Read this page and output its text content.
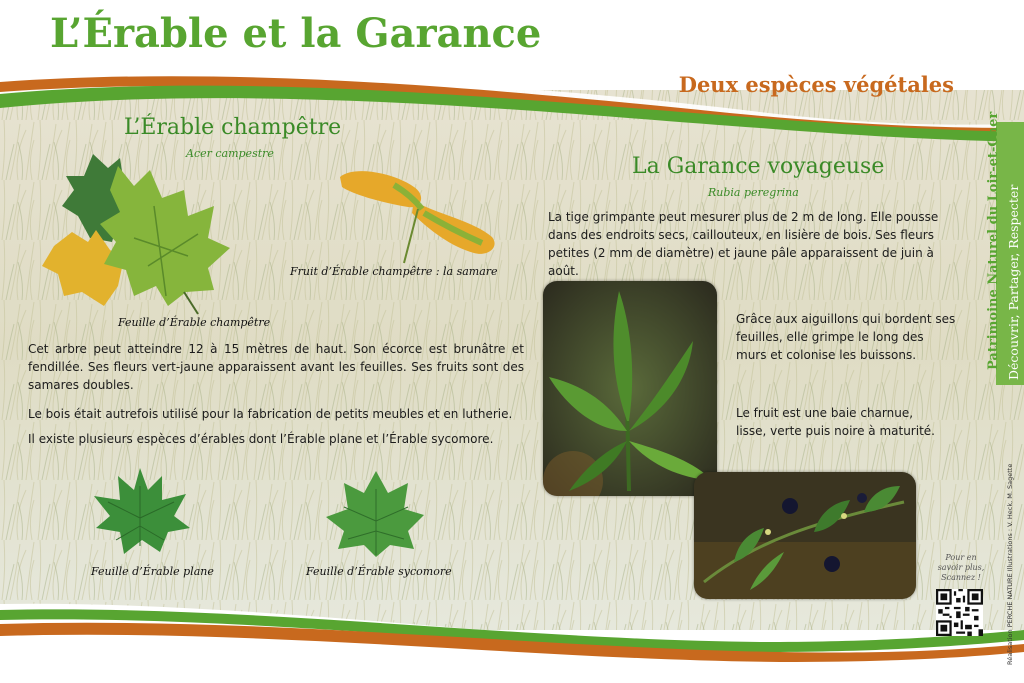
L’Érable et la Garance
Deux espèces végétales
L’Érable champêtre
Acer campestre
Feuille d’Érable champêtre
Fruit d’Érable champêtre : la samare
Cet arbre peut atteindre 12 à 15 mètres de haut. Son écorce est brunâtre et fendillée. Ses fleurs vert-jaune apparaissent avant les feuilles. Ses fruits sont des samares doubles.
Le bois était autrefois utilisé pour la fabrication de petits meubles et en lutherie.
Il existe plusieurs espèces d’érables dont l’Érable plane et l’Érable sycomore.
Feuille d’Érable plane	Feuille d’Érable sycomore
La Garance voyageuse
Rubia peregrina
La tige grimpante peut mesurer plus de 2 m de long. Elle pousse dans des endroits secs, caillouteux, en lisière de bois. Ses fleurs petites (2 mm de diamètre) et jaune pâle apparaissent de juin à août.
Grâce aux aiguillons qui bordent ses feuilles, elle grimpe le long des murs et colonise les buissons.
Le fruit est une baie charnue, lisse, verte puis noire à maturité.
Patrimoine Naturel du Loir-et-Cher Découvrir, Partager, Respecter
Réalisation PERCHE NATURE Illustrations : V. Heck, M. Sagette
Pour en savoir plus, Scannez !
